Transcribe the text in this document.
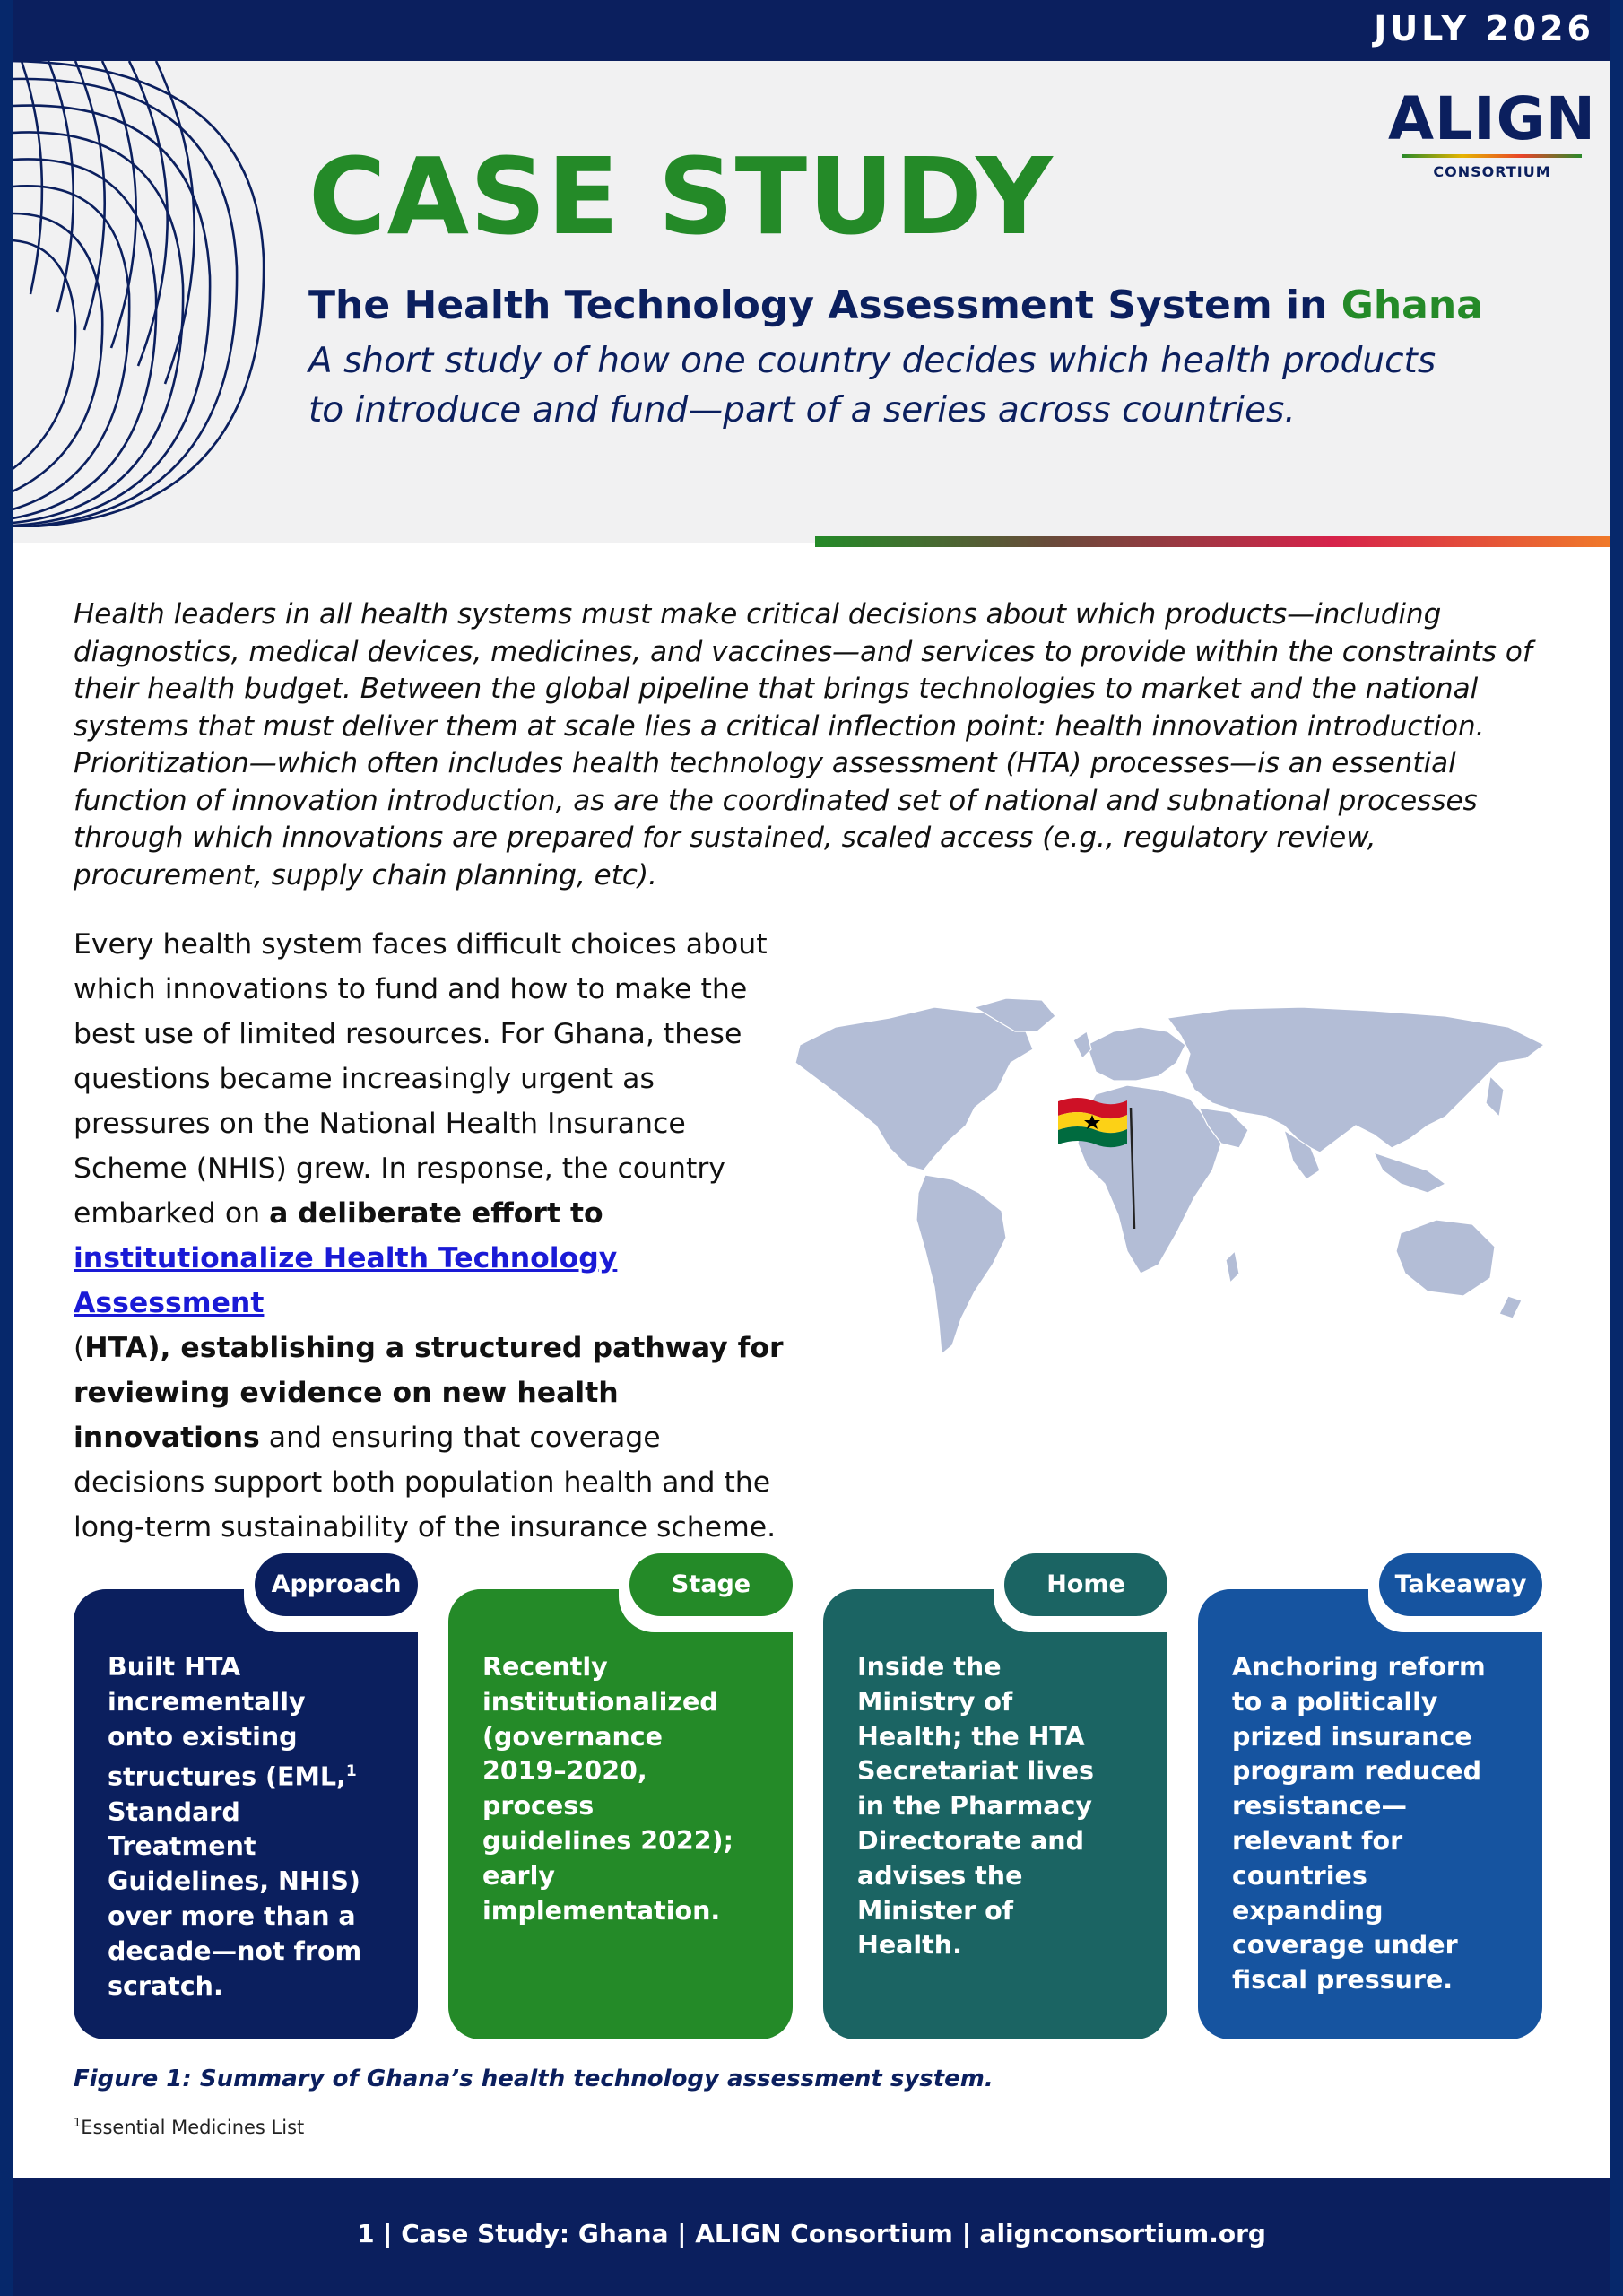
JULY 2026
ALIGN
CONSORTIUM
CASE STUDY
The Health Technology Assessment System in Ghana
A short study of how one country decides which health products to introduce and fund—part of a series across countries.
Health leaders in all health systems must make critical decisions about which products—including diagnostics, medical devices, medicines, and vaccines—and services to provide within the constraints of their health budget. Between the global pipeline that brings technologies to market and the national systems that must deliver them at scale lies a critical inflection point: health innovation introduction. Prioritization—which often includes health technology assessment (HTA) processes—is an essential function of innovation introduction, as are the coordinated set of national and subnational processes through which innovations are prepared for sustained, scaled access (e.g., regulatory review, procurement, supply chain planning, etc).
Every health system faces difficult choices about which innovations to fund and how to make the best use of limited resources. For Ghana, these questions became increasingly urgent as pressures on the National Health Insurance Scheme (NHIS) grew. In response, the country embarked on a deliberate effort to
institutionalize Health Technology Assessment
(HTA), establishing a structured pathway for reviewing evidence on new health innovations and ensuring that coverage decisions support both population health and the long-term sustainability of the insurance scheme.
Approach
Built HTA incrementally onto existing structures (EML,$^1$ Standard Treatment Guidelines, NHIS) over more than a decade—not from scratch.
Stage
Recently institutionalized (governance 2019–2020, process guidelines 2022); early implementation.
Home
Inside the Ministry of Health; the HTA Secretariat lives in the Pharmacy Directorate and advises the Minister of Health.
Takeaway
Anchoring reform to a politically prized insurance program reduced resistance—relevant for countries expanding coverage under fiscal pressure.
Figure 1: Summary of Ghana’s health technology assessment system.
$^1$Essential Medicines List
1 | Case Study: Ghana | ALIGN Consortium | alignconsortium.org
